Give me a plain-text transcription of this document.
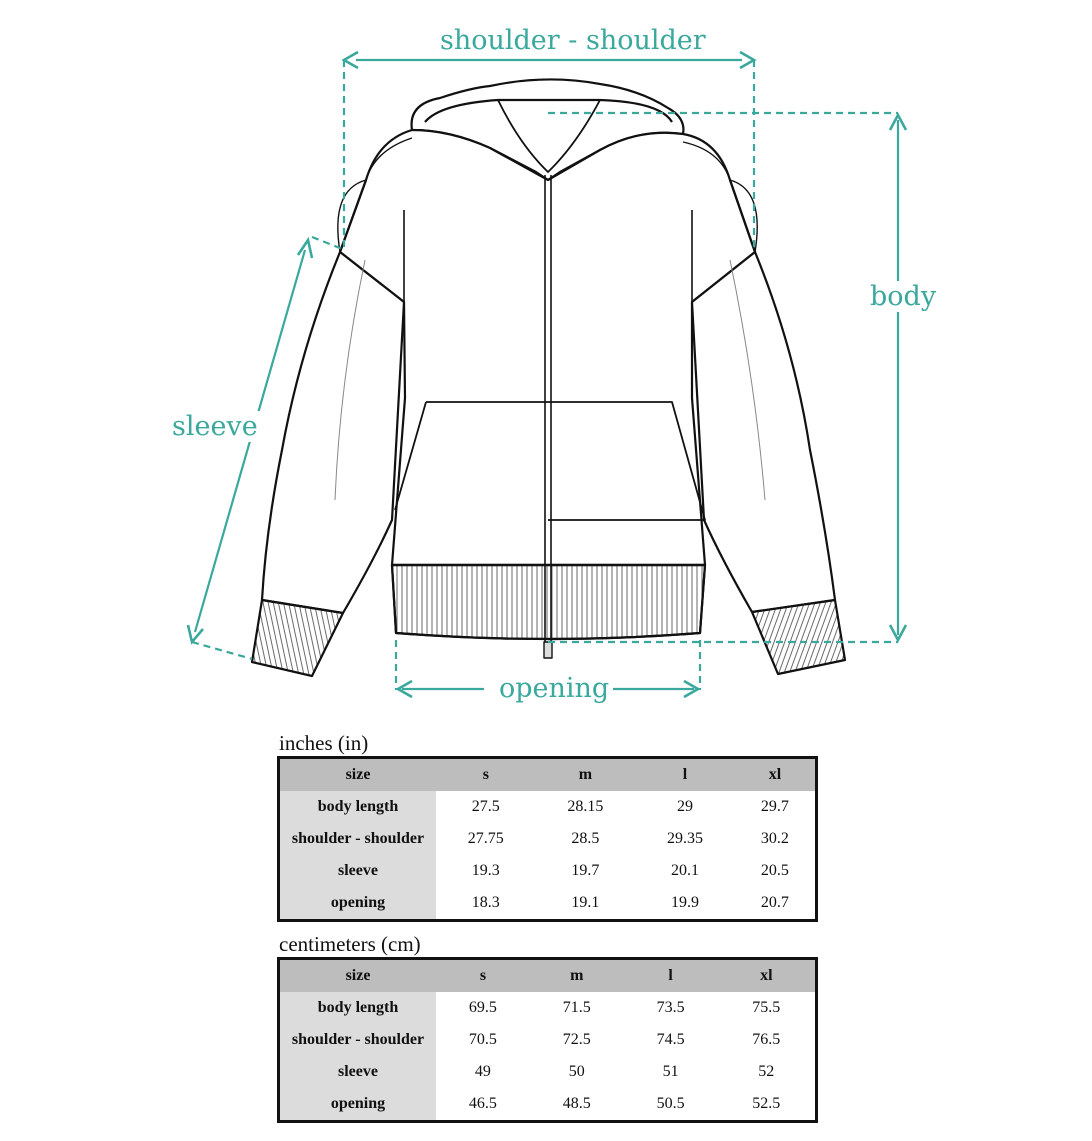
shoulder - shoulder
body
sleeve
opening
inches (in)
size	s	m	l	xl
body length	27.5	28.15	29	29.7
shoulder - shoulder	27.75	28.5	29.35	30.2
sleeve	19.3	19.7	20.1	20.5
opening	18.3	19.1	19.9	20.7
centimeters (cm)
size	s	m	l	xl
body length	69.5	71.5	73.5	75.5
shoulder - shoulder	70.5	72.5	74.5	76.5
sleeve	49	50	51	52
opening	46.5	48.5	50.5	52.5
